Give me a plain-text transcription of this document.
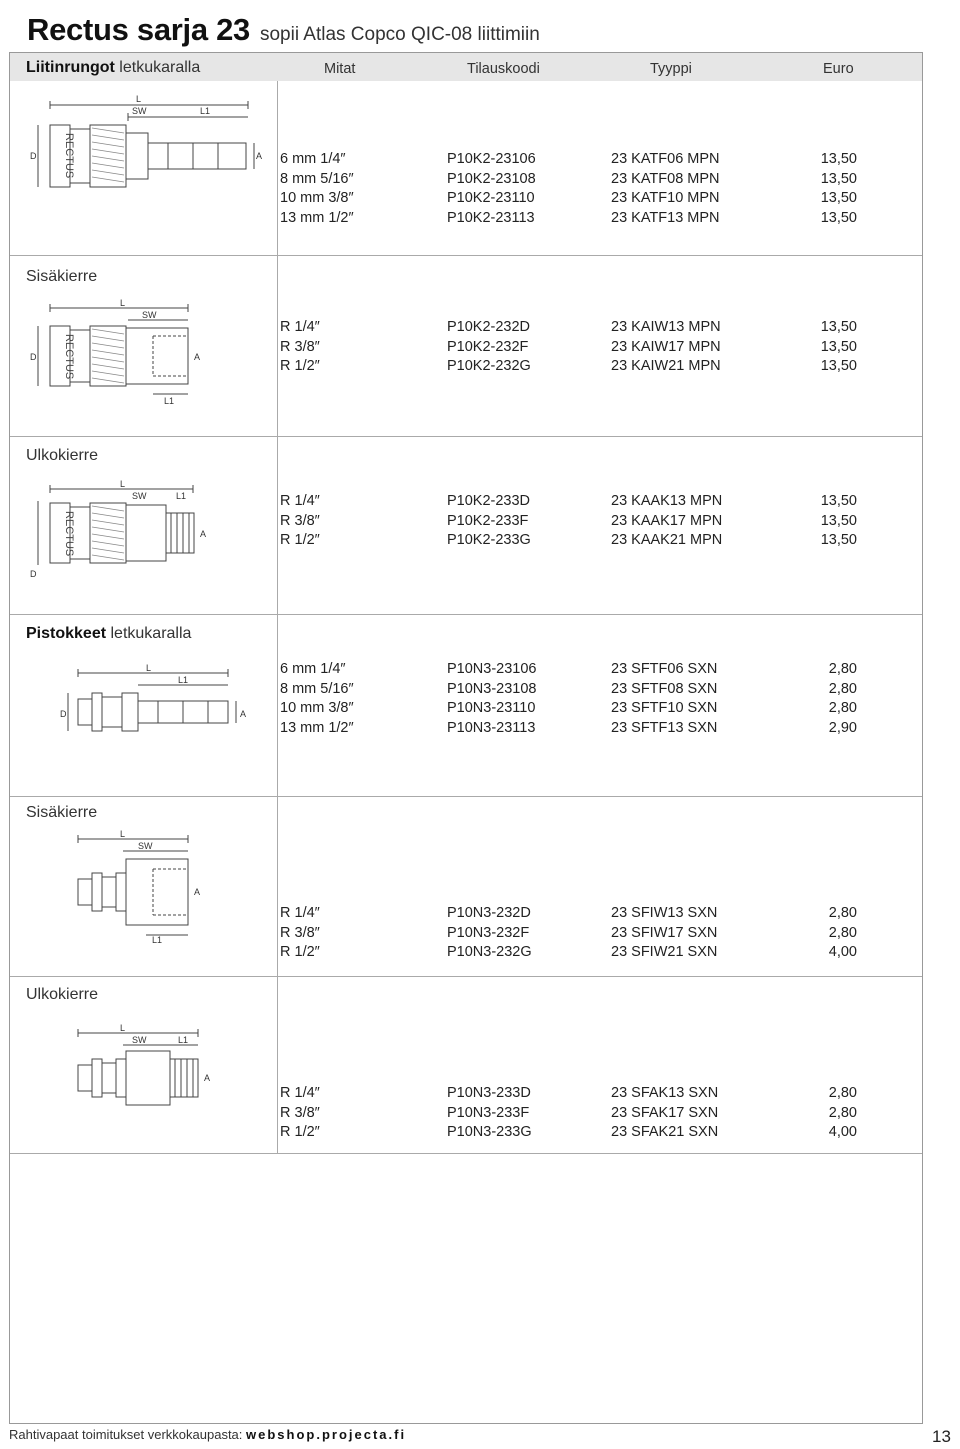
Rectus sarja 23 sopii Atlas Copco QIC-08 liittimiin
Liitinrungot letkukaralla	Mitat	Tilauskoodi	Tyyppi	Euro
L
SW	L1
D	A
RECTUS	6 mm 1/4″	P10K2-23106	23 KATF06 MPN	13,50
8 mm 5/16″	P10K2-23108	23 KATF08 MPN	13,50
10 mm 3/8″	P10K2-23110	23 KATF10 MPN	13,50
13 mm 1/2″	P10K2-23113	23 KATF13 MPN	13,50
Sisäkierre
L
SW
L1
D	A
RECTUS
R 1/4″	P10K2-232D	23 KAIW13 MPN	13,50
R 3/8″	P10K2-232F	23 KAIW17 MPN	13,50
R 1/2″	P10K2-232G	23 KAIW21 MPN	13,50
Ulkokierre
L
SW	L1
D
A
RECTUS
R 1/4″	P10K2-233D	23 KAAK13 MPN	13,50
R 3/8″	P10K2-233F	23 KAAK17 MPN	13,50
R 1/2″	P10K2-233G	23 KAAK21 MPN	13,50
Pistokkeet letkukaralla
L
L1
D	A
6 mm 1/4″	P10N3-23106	23 SFTF06 SXN	2,80
8 mm 5/16″	P10N3-23108	23 SFTF08 SXN	2,80
10 mm 3/8″	P10N3-23110	23 SFTF10 SXN	2,80
13 mm 1/2″	P10N3-23113	23 SFTF13 SXN	2,90
Sisäkierre
L
SW
L1
A
R 1/4″	P10N3-232D	23 SFIW13 SXN	2,80
R 3/8″	P10N3-232F	23 SFIW17 SXN	2,80
R 1/2″	P10N3-232G	23 SFIW21 SXN	4,00
Ulkokierre
L
SW	L1
A
R 1/4″	P10N3-233D	23 SFAK13 SXN	2,80
R 3/8″	P10N3-233F	23 SFAK17 SXN	2,80
R 1/2″	P10N3-233G	23 SFAK21 SXN	4,00
Rahtivapaat toimitukset verkkokaupasta: webshop.projecta.fi	13
